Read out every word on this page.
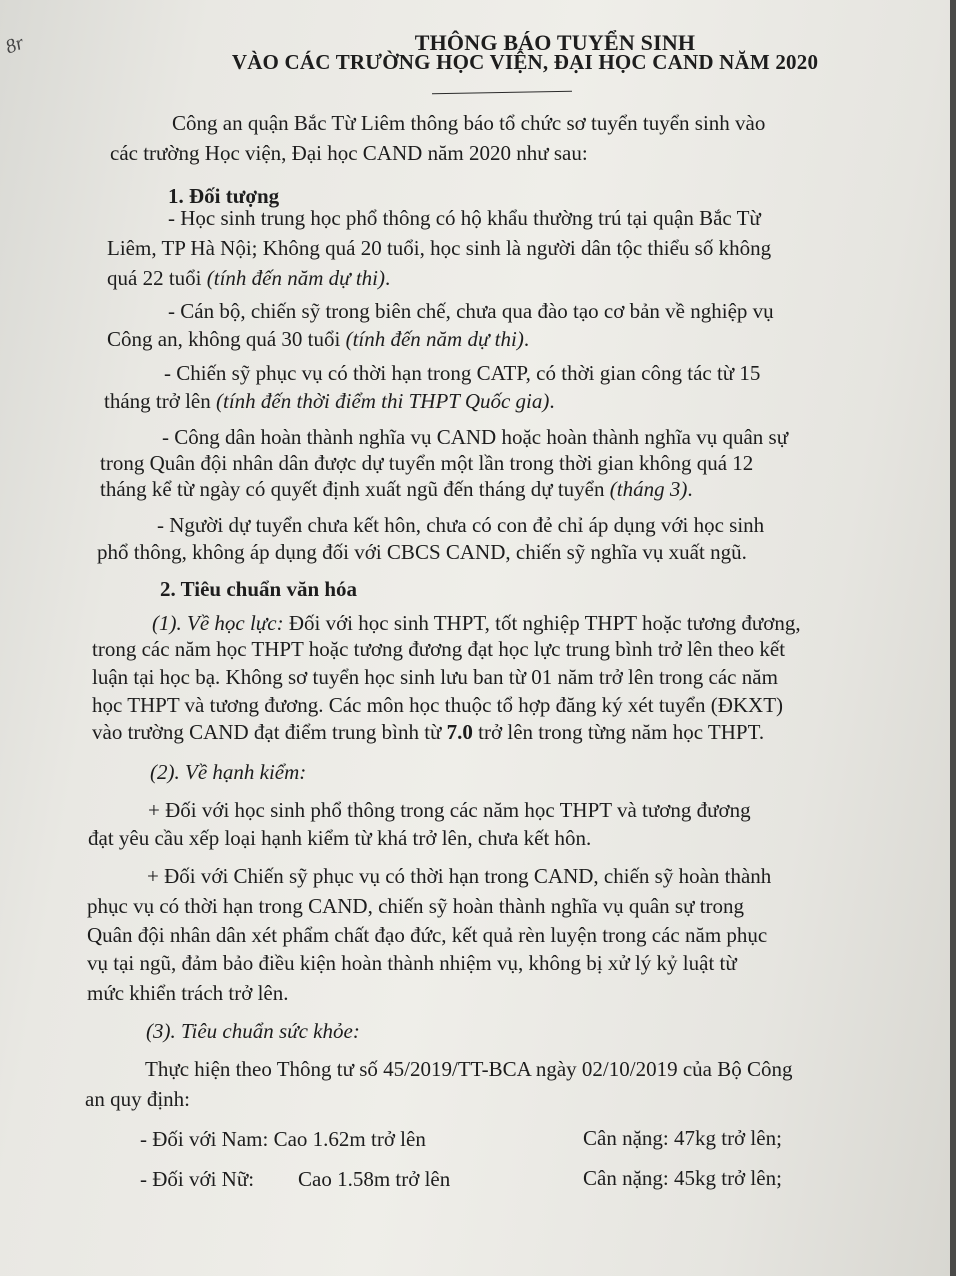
8r	THÔNG BÁO TUYỂN SINH
VÀO CÁC TRƯỜNG HỌC VIỆN, ĐẠI HỌC CAND NĂM 2020
Công an quận Bắc Từ Liêm thông báo tổ chức sơ tuyển tuyển sinh vào
các trường Học viện, Đại học CAND năm 2020 như sau:
1. Đối tượng
- Học sinh trung học phổ thông có hộ khẩu thường trú tại quận Bắc Từ
Liêm, TP Hà Nội; Không quá 20 tuổi, học sinh là người dân tộc thiểu số không
quá 22 tuổi (tính đến năm dự thi).
- Cán bộ, chiến sỹ trong biên chế, chưa qua đào tạo cơ bản về nghiệp vụ
Công an, không quá 30 tuổi (tính đến năm dự thi).
- Chiến sỹ phục vụ có thời hạn trong CATP, có thời gian công tác từ 15
tháng trở lên (tính đến thời điểm thi THPT Quốc gia).
- Công dân hoàn thành nghĩa vụ CAND hoặc hoàn thành nghĩa vụ quân sự
trong Quân đội nhân dân được dự tuyển một lần trong thời gian không quá 12
tháng kể từ ngày có quyết định xuất ngũ đến tháng dự tuyển (tháng 3).
- Người dự tuyển chưa kết hôn, chưa có con đẻ chỉ áp dụng với học sinh
phổ thông, không áp dụng đối với CBCS CAND, chiến sỹ nghĩa vụ xuất ngũ.
2. Tiêu chuẩn văn hóa
(1). Về học lực: Đối với học sinh THPT, tốt nghiệp THPT hoặc tương đương,
trong các năm học THPT hoặc tương đương đạt học lực trung bình trở lên theo kết
luận tại học bạ. Không sơ tuyển học sinh lưu ban từ 01 năm trở lên trong các năm
học THPT và tương đương. Các môn học thuộc tổ hợp đăng ký xét tuyển (ĐKXT)
vào trường CAND đạt điểm trung bình từ 7.0 trở lên trong từng năm học THPT.
(2). Về hạnh kiểm:
+ Đối với học sinh phổ thông trong các năm học THPT và tương đương
đạt yêu cầu xếp loại hạnh kiểm từ khá trở lên, chưa kết hôn.
+ Đối với Chiến sỹ phục vụ có thời hạn trong CAND, chiến sỹ hoàn thành
phục vụ có thời hạn trong CAND, chiến sỹ hoàn thành nghĩa vụ quân sự trong
Quân đội nhân dân xét phẩm chất đạo đức, kết quả rèn luyện trong các năm phục
vụ tại ngũ, đảm bảo điều kiện hoàn thành nhiệm vụ, không bị xử lý kỷ luật từ
mức khiển trách trở lên.
(3). Tiêu chuẩn sức khỏe:
Thực hiện theo Thông tư số 45/2019/TT-BCA ngày 02/10/2019 của Bộ Công
an quy định:
- Đối với Nam: Cao 1.62m trở lên	Cân nặng: 47kg trở lên;
- Đối với Nữ: Cao 1.58m trở lên	Cân nặng: 45kg trở lên;
